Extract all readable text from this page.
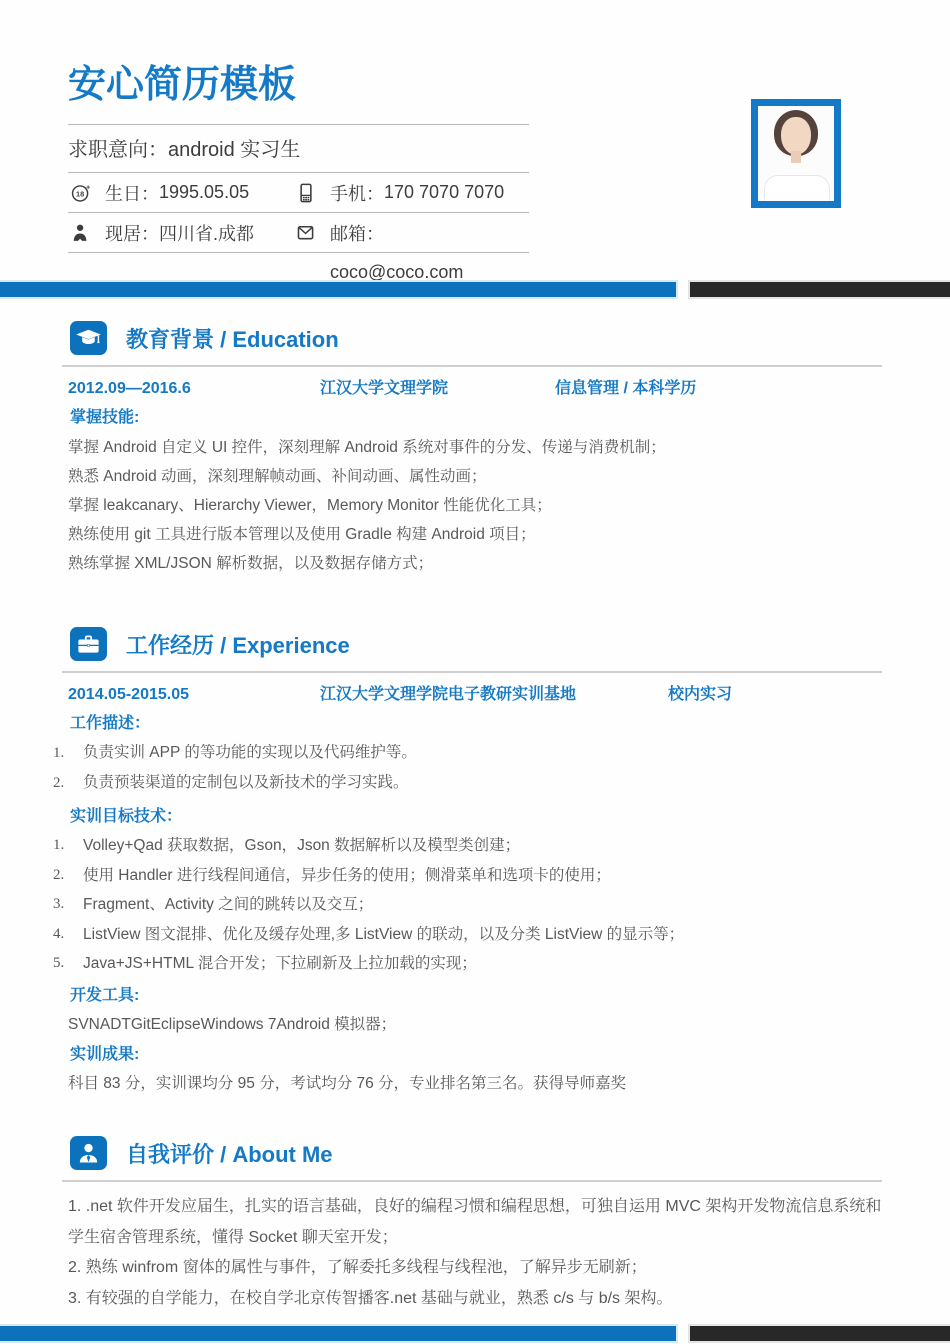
安心简历模板
求职意向：android 实习生
18
+ 生日： 1995.05.05	手机： 170 7070 7070
现居： 四川省.成都	邮箱：
coco@coco.com
教育背景 / Education
2012.09—2016.6	江汉大学文理学院	信息管理 / 本科学历
掌握技能:
掌握 Android 自定义 UI 控件，深刻理解 Android 系统对事件的分发、传递与消费机制；
熟悉 Android 动画，深刻理解帧动画、补间动画、属性动画；
掌握 leakcanary、Hierarchy Viewer，Memory Monitor 性能优化工具；
熟练使用 git 工具进行版本管理以及使用 Gradle 构建 Android 项目；
熟练掌握 XML/JSON 解析数据，以及数据存储方式；
工作经历 / Experience
2014.05-2015.05	江汉大学文理学院电子教研实训基地	校内实习
工作描述：
1.	负责实训 APP 的等功能的实现以及代码维护等。
2.	负责预装渠道的定制包以及新技术的学习实践。
实训目标技术：
1.	Volley+Qad 获取数据，Gson，Json 数据解析以及模型类创建；
2.	使用 Handler 进行线程间通信，异步任务的使用；侧滑菜单和选项卡的使用；
3.	Fragment、Activity 之间的跳转以及交互；
4.	ListView 图文混排、优化及缓存处理,多 ListView 的联动，以及分类 ListView 的显示等；
5.	Java+JS+HTML 混合开发；下拉刷新及上拉加载的实现；
开发工具:
SVNADTGitEclipseWindows 7Android 模拟器；
实训成果:
科目 83 分，实训课均分 95 分，考试均分 76 分，专业排名第三名。获得导师嘉奖
自我评价 / About Me
1. .net 软件开发应届生，扎实的语言基础，良好的编程习惯和编程思想，可独自运用 MVC 架构开发物流信息系统和学生宿舍管理系统，懂得 Socket 聊天室开发；
2. 熟练 winfrom 窗体的属性与事件，了解委托多线程与线程池，了解异步无刷新；
3. 有较强的自学能力，在校自学北京传智播客.net 基础与就业，熟悉 c/s 与 b/s 架构。
